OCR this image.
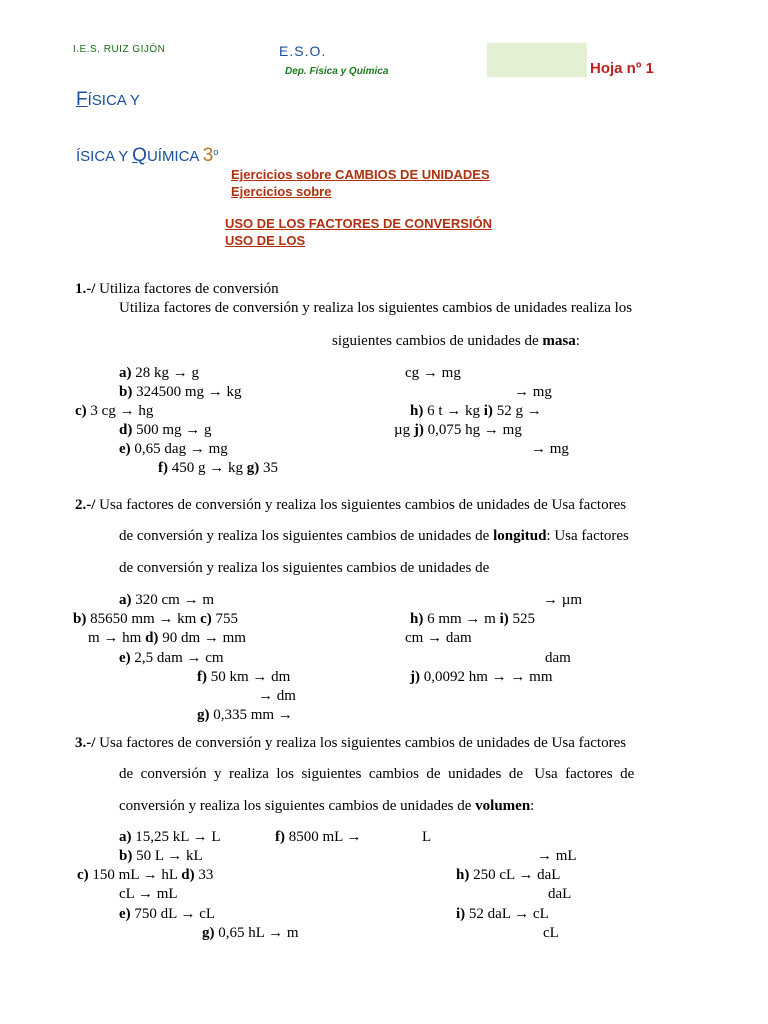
I.E.S. RUIZ GIJÓN	E.S.O.
Dep. Física y Química	Hoja nº 1
FÍSICA Y
ÍSICA Y QUÍMICA 3$^o$
Ejercicios sobre CAMBIOS DE UNIDADES
Ejercicios sobre
USO DE LOS FACTORES DE CONVERSIÓN
USO DE LOS
1.-/ Utiliza factores de conversión
Utiliza factores de conversión y realiza los siguientes cambios de unidades realiza los
siguientes cambios de unidades de masa:
a) 28 kg → g	cg → mg
b) 324500 mg → kg	→ mg
c) 3 cg → hg	h) 6 t → kg i) 52 g →
d) 500 mg → g	µg j) 0,075 hg → mg
e) 0,65 dag → mg	→ mg
f) 450 g → kg g) 35
2.-/ Usa factores de conversión y realiza los siguientes cambios de unidades de Usa factores
de conversión y realiza los siguientes cambios de unidades de longitud: Usa factores
de conversión y realiza los siguientes cambios de unidades de
a) 320 cm → m	→ µm
b) 85650 mm → km c) 755	h) 6 mm → m i) 525
m → hm d) 90 dm → mm	cm → dam
e) 2,5 dam → cm	dam
f) 50 km → dm	j) 0,0092 hm → → mm
→ dm
g) 0,335 mm →
3.-/ Usa factores de conversión y realiza los siguientes cambios de unidades de Usa factores
de  conversión  y  realiza  los  siguientes  cambios  de  unidades  de   Usa  factores  de
conversión y realiza los siguientes cambios de unidades de volumen:
a) 15,25 kL → L	f) 8500 mL →	L
b) 50 L → kL	→ mL
c) 150 mL → hL d) 33	h) 250 cL → daL
cL → mL	daL
e) 750 dL → cL	i) 52 daL → cL
g) 0,65 hL → m	cL
